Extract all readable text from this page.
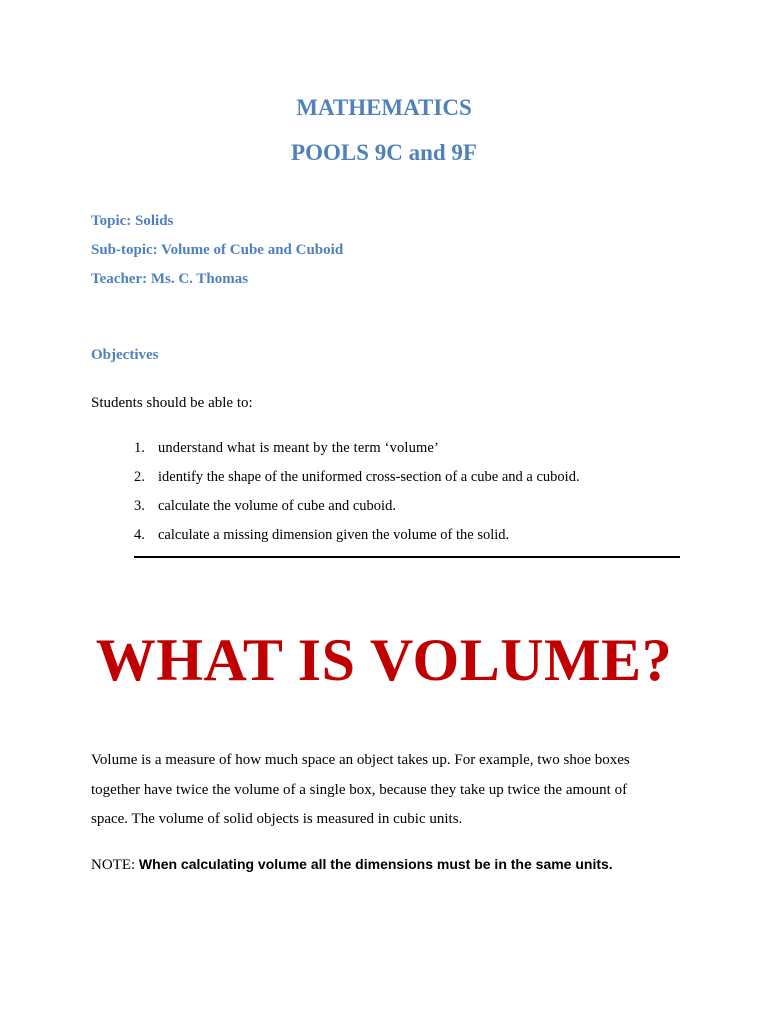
MATHEMATICS
POOLS 9C and 9F
Topic: Solids
Sub-topic: Volume of Cube and Cuboid
Teacher: Ms. C. Thomas
Objectives
Students should be able to:
1. understand what is meant by the term ‘volume’
2. identify the shape of the uniformed cross-section of a cube and a cuboid.
3. calculate the volume of cube and cuboid.
4. calculate a missing dimension given the volume of the solid.
WHAT IS VOLUME?

Volume is a measure of how much space an object takes up. For example, two shoe boxes together have twice the volume of a single box, because they take up twice the amount of space. The volume of solid objects is measured in cubic units.

NOTE: When calculating volume all the dimensions must be in the same units.
